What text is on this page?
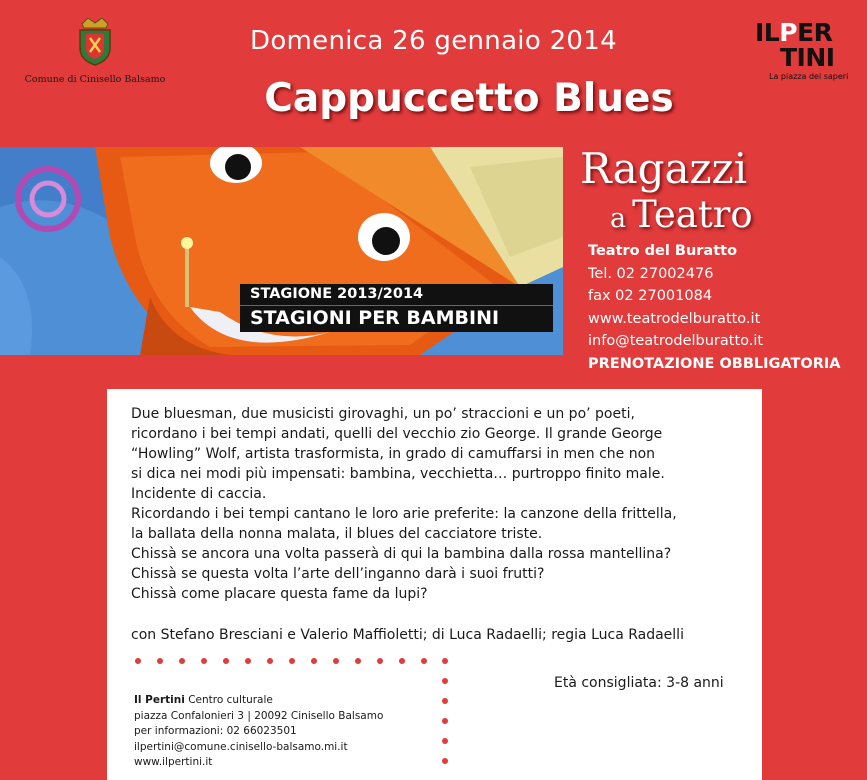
Comune di Cinisello Balsamo
Domenica 26 gennaio 2014
Cappuccetto Blues
ILPER
TINI
La piazza dei saperi
STAGIONE 2013/2014
STAGIONI PER BAMBINI
Ragazzi
a Teatro
Teatro del Buratto
Tel. 02 27002476
fax 02 27001084
www.teatrodelburatto.it
info@teatrodelburatto.it
PRENOTAZIONE OBBLIGATORIA

Due bluesman, due musicisti girovaghi, un po’ straccioni e un po’ poeti,

ricordano i bei tempi andati, quelli del vecchio zio George. Il grande George

“Howling” Wolf, artista trasformista, in grado di camuffarsi in men che non

si dica nei modi più impensati: bambina, vecchietta… purtroppo finito male.

Incidente di caccia.

Ricordando i bei tempi cantano le loro arie preferite: la canzone della frittella,

la ballata della nonna malata, il blues del cacciatore triste.

Chissà se ancora una volta passerà di qui la bambina dalla rossa mantellina?

Chissà se questa volta l’arte dell’inganno darà i suoi frutti?

Chissà come placare questa fame da lupi?

con Stefano Bresciani e Valerio Maffioletti; di Luca Radaelli; regia Luca Radaelli
Età consigliata: 3-8 anni
Il Pertini Centro culturale
piazza Confalonieri 3 | 20092 Cinisello Balsamo
per informazioni: 02 66023501
ilpertini@comune.cinisello-balsamo.mi.it
www.ilpertini.it
